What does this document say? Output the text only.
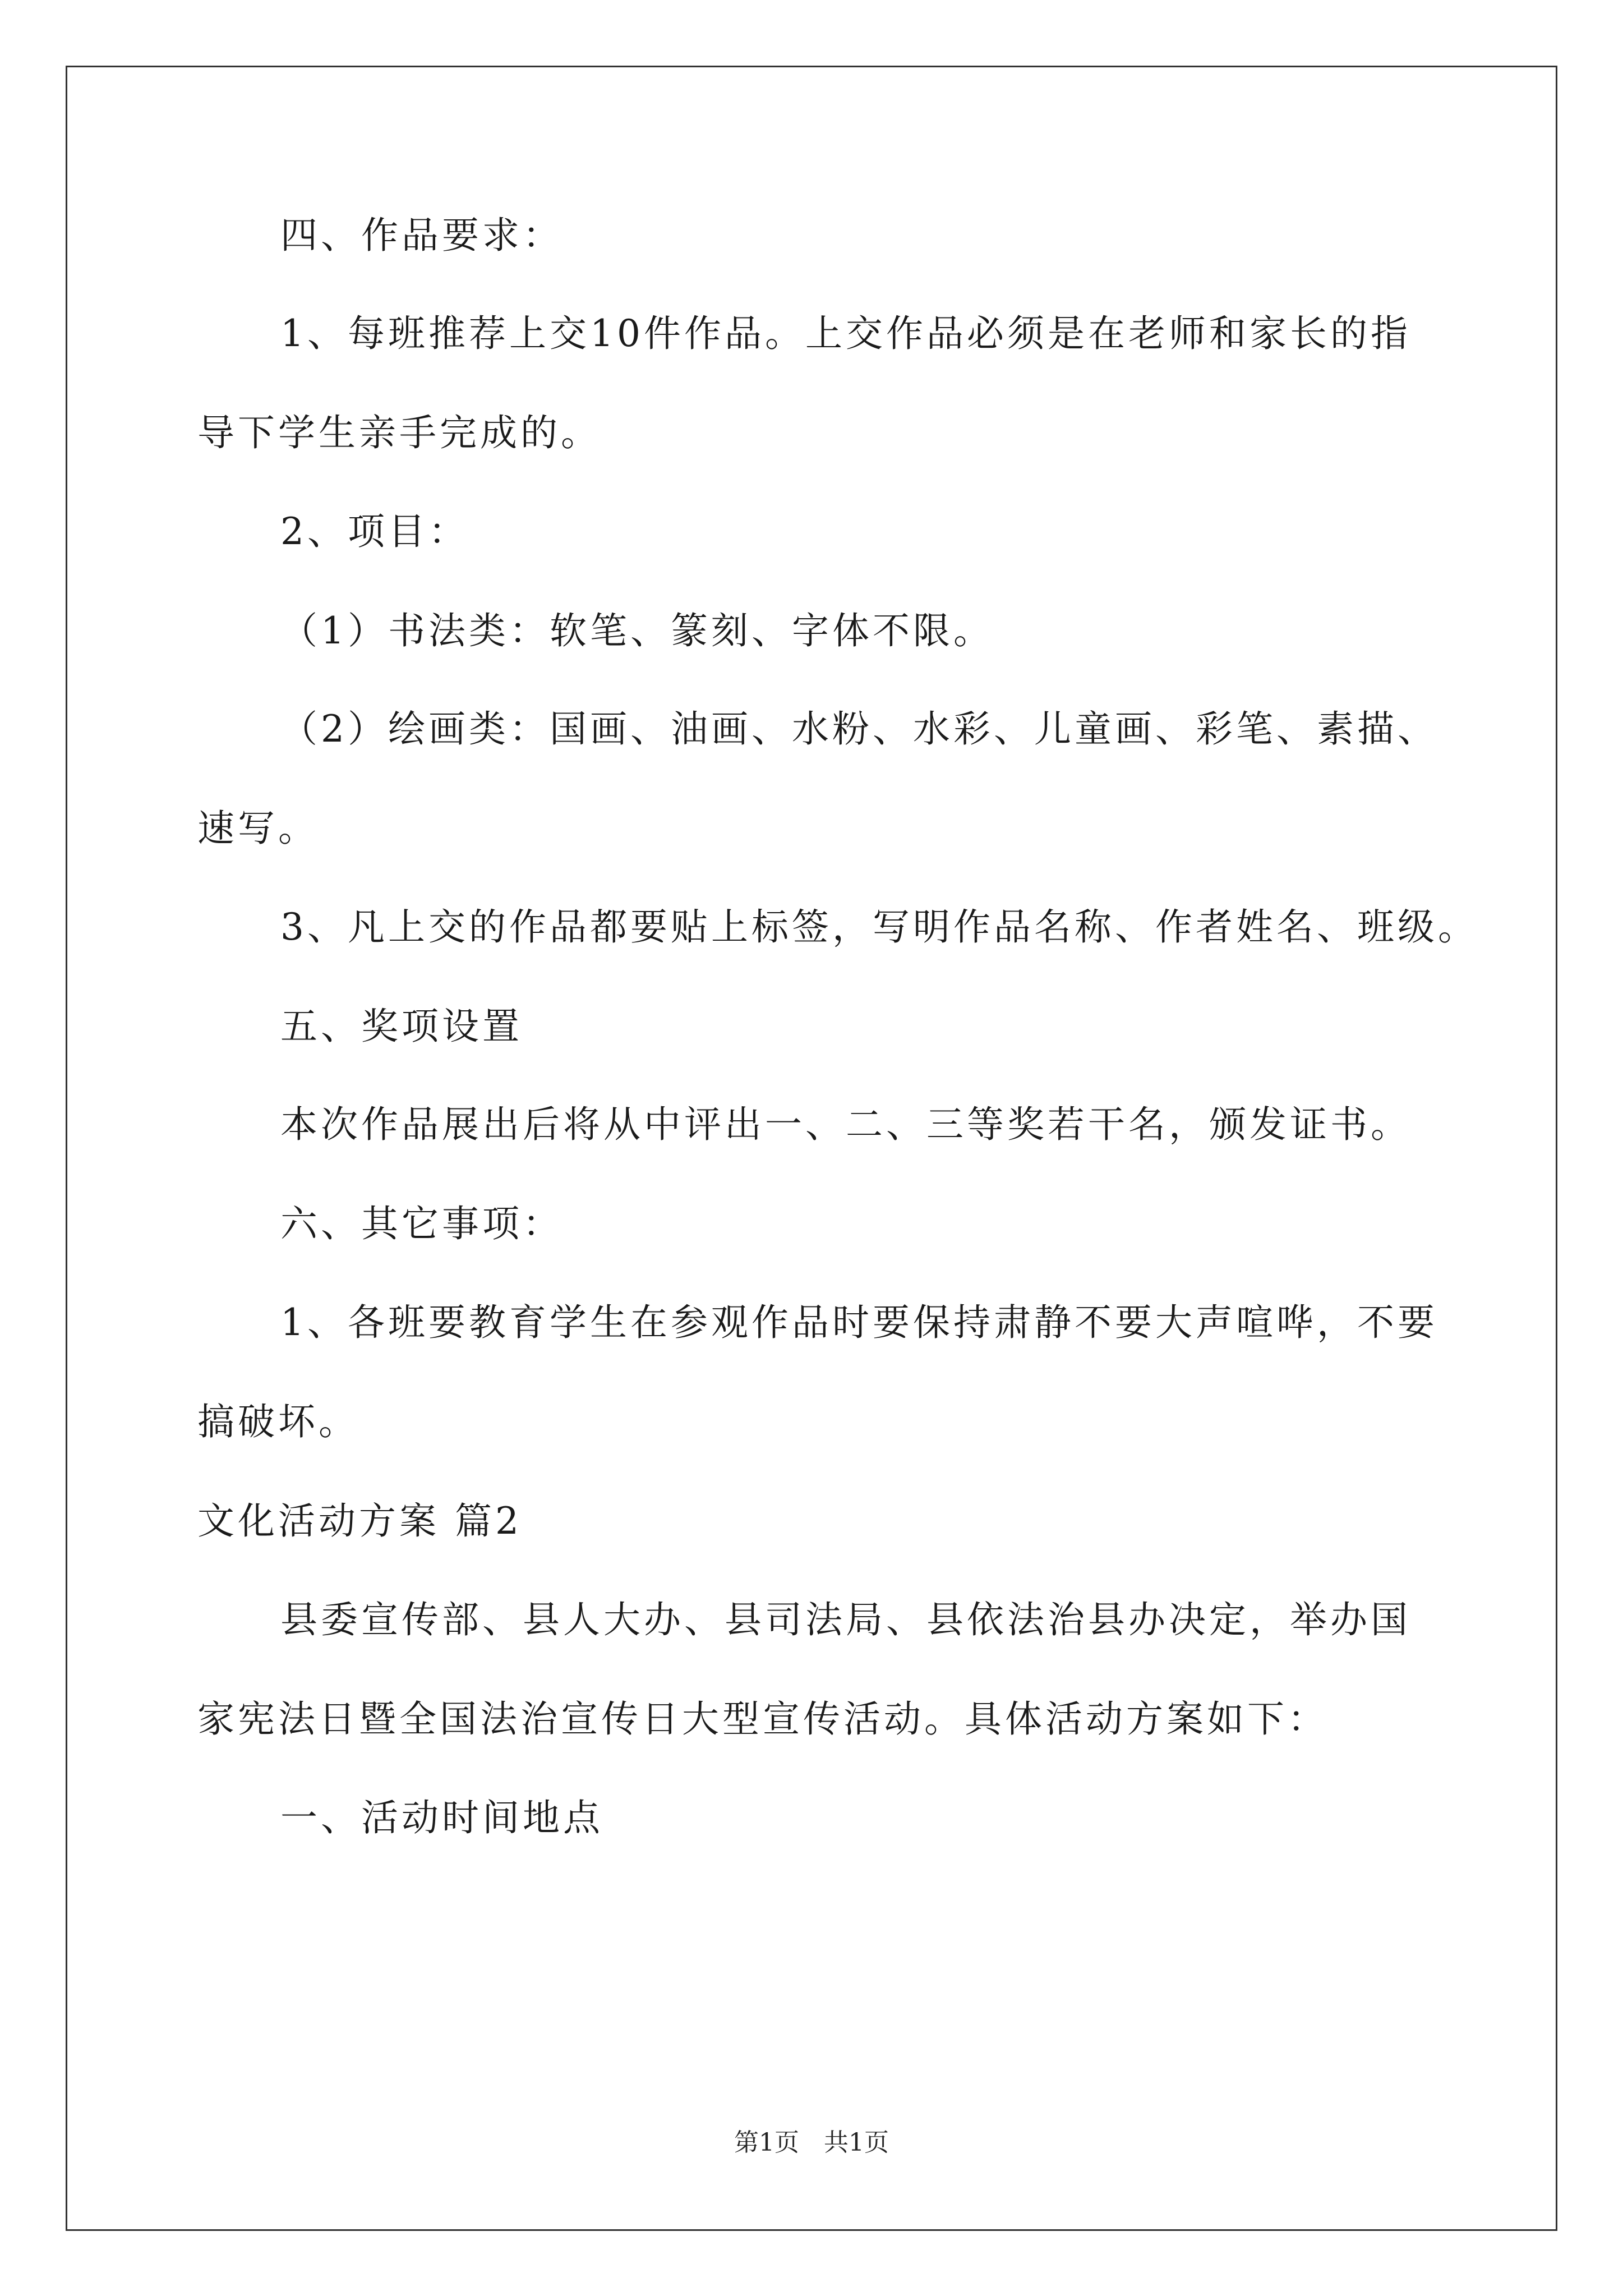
四、作品要求：
1、每班推荐上交10件作品。上交作品必须是在老师和家长的指
导下学生亲手完成的。
2、项目：
（1）书法类：软笔、篆刻、字体不限。
（2）绘画类：国画、油画、水粉、水彩、儿童画、彩笔、素描、
速写。
3、凡上交的作品都要贴上标签，写明作品名称、作者姓名、班级。
五、奖项设置
本次作品展出后将从中评出一、二、三等奖若干名，颁发证书。
六、其它事项：
1、各班要教育学生在参观作品时要保持肃静不要大声喧哗，不要
搞破坏。
文化活动方案 篇2
县委宣传部、县人大办、县司法局、县依法治县办决定，举办国
家宪法日暨全国法治宣传日大型宣传活动。具体活动方案如下：
一、活动时间地点
第1页　共1页
